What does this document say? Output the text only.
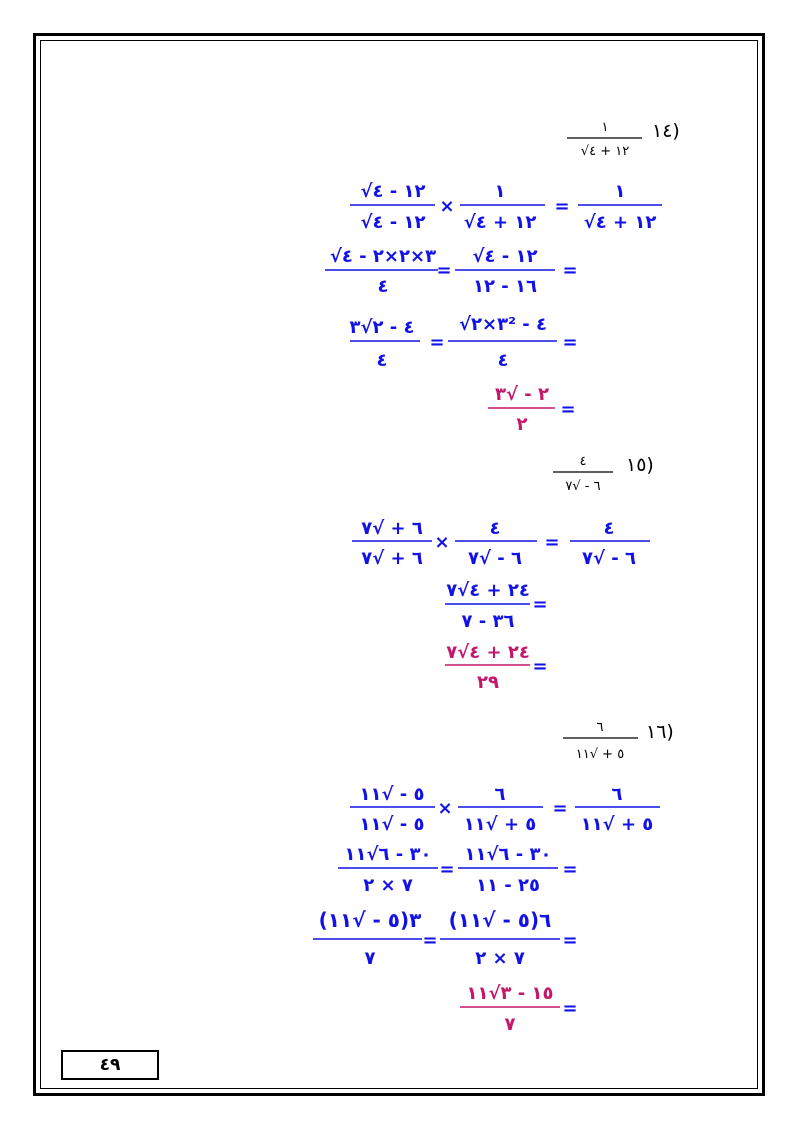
١٤)
١
√١٢ + ٤
١
√١٢ + ٤
=
١
√١٢ + ٤
×
√١٢ - ٤
√١٢ - ٤
=
√١٢ - ٤
١٦ - ١٢
=
√٣×٢×٢ - ٤
٤
=
√٣×٢² - ٤
٤
=
٤ - ٢√٣
٤
=
٢ - √٣
٢
١٥)
٤
٦ - √٧
٤
٦ - √٧
=
٤
٦ - √٧
×
٦ + √٧
٦ + √٧
=
٢٤ + ٤√٧
٣٦ - ٧
=
٢٤ + ٤√٧
٢٩
١٦)
٦
٥ + √١١
٦
٥ + √١١
=
٦
٥ + √١١
×
٥ - √١١
٥ - √١١
=
٣٠ - ٦√١١
٢٥ - ١١
=
٣٠ - ٦√١١
٧ × ٢
=
٦(٥ - √١١)
٧ × ٢
=
٣(٥ - √١١)
٧
=
١٥ - ٣√١١
٧
٤٩
